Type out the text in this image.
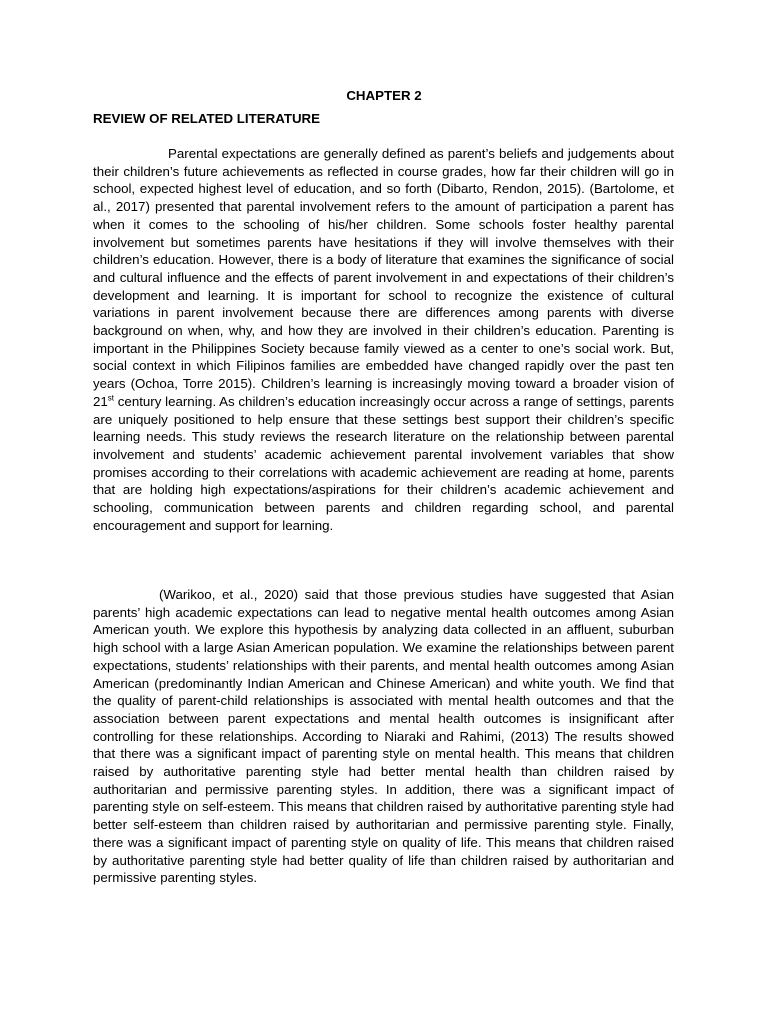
CHAPTER 2
REVIEW OF RELATED LITERATURE

Parental expectations are generally defined as parent’s beliefs and judgements about their children’s future achievements as reflected in course grades, how far their children will go in school, expected highest level of education, and so forth (Dibarto, Rendon, 2015). (Bartolome, et al., 2017) presented that parental involvement refers to the amount of participation a parent has when it comes to the schooling of his/her children. Some schools foster healthy parental involvement but sometimes parents have hesitations if they will involve themselves with their children’s education. However, there is a body of literature that examines the significance of social and cultural influence and the effects of parent involvement in and expectations of their children’s development and learning. It is important for school to recognize the existence of cultural variations in parent involvement because there are differences among parents with diverse background on when, why, and how they are involved in their children’s education. Parenting is important in the Philippines Society because family viewed as a center to one’s social work. But, social context in which Filipinos families are embedded have changed rapidly over the past ten years (Ochoa, Torre 2015). Children’s learning is increasingly moving toward a broader vision of 21st century learning. As children’s education increasingly occur across a range of settings, parents are uniquely positioned to help ensure that these settings best support their children’s specific learning needs. This study reviews the research literature on the relationship between parental involvement and students’ academic achievement parental involvement variables that show promises according to their correlations with academic achievement are reading at home, parents that are holding high expectations/aspirations for their children’s academic achievement and schooling, communication between parents and children regarding school, and parental encouragement and support for learning.

(Warikoo, et al., 2020) said that those previous studies have suggested that Asian parents’ high academic expectations can lead to negative mental health outcomes among Asian American youth. We explore this hypothesis by analyzing data collected in an affluent, suburban high school with a large Asian American population. We examine the relationships between parent expectations, students’ relationships with their parents, and mental health outcomes among Asian American (predominantly Indian American and Chinese American) and white youth. We find that the quality of parent-child relationships is associated with mental health outcomes and that the association between parent expectations and mental health outcomes is insignificant after controlling for these relationships. According to Niaraki and Rahimi, (2013) The results showed that there was a significant impact of parenting style on mental health. This means that children raised by authoritative parenting style had better mental health than children raised by authoritarian and permissive parenting styles. In addition, there was a significant impact of parenting style on self-esteem. This means that children raised by authoritative parenting style had better self-esteem than children raised by authoritarian and permissive parenting style. Finally, there was a significant impact of parenting style on quality of life. This means that children raised by authoritative parenting style had better quality of life than children raised by authoritarian and permissive parenting styles.
